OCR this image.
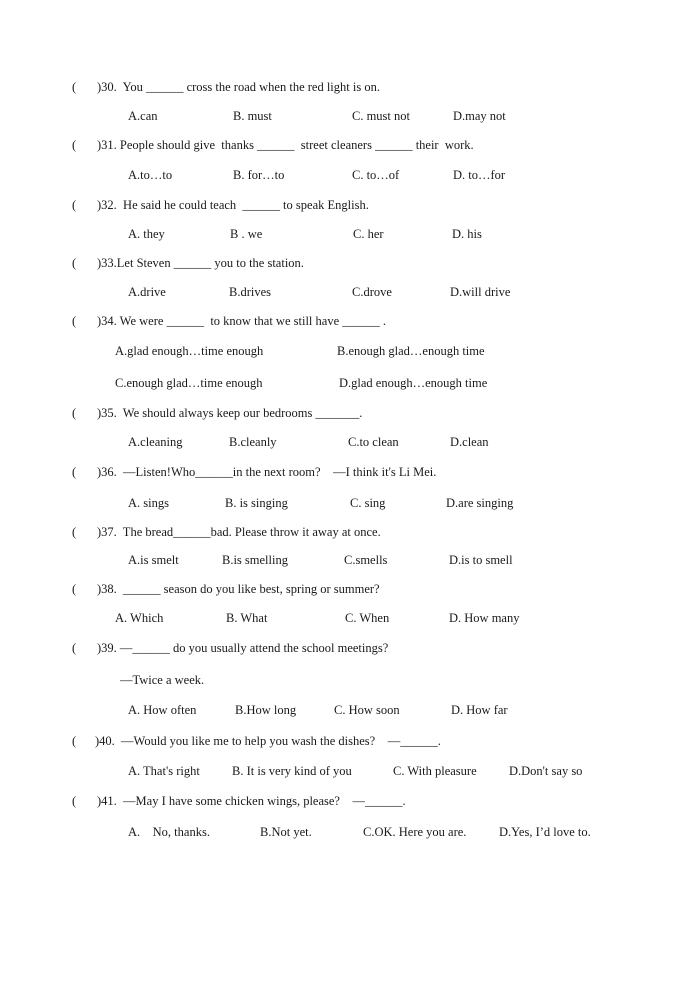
( )30.  You ______ cross the road when the red light is on.
A.can	B. must	C. must not	D.may not
( )31. People should give  thanks ______  street cleaners ______ their  work.
A.to…to	B. for…to	C. to…of	D. to…for
( )32.  He said he could teach  ______ to speak English.
A. they	B . we	C. her	D. his
( )33.Let Steven ______ you to the station.
A.drive	B.drives	C.drove	D.will drive
( )34. We were ______  to know that we still have ______ .
A.glad enough…time enough	B.enough glad…enough time
C.enough glad…time enough	D.glad enough…enough time
( )35.  We should always keep our bedrooms _______.
A.cleaning	B.cleanly	C.to clean	D.clean
( )36.  —Listen!Who______in the next room?    —I think it's Li Mei.
A. sings	B. is singing	C. sing	D.are singing
( )37.  The bread______bad. Please throw it away at once.
A.is smelt	B.is smelling	C.smells	D.is to smell
( )38.  ______ season do you like best, spring or summer?
A. Which	B. What	C. When	D. How many
( )39. —______ do you usually attend the school meetings?
—Twice a week.
A. How often	B.How long	C. How soon	D. How far
( )40.  —Would you like me to help you wash the dishes?    —______.
A. That's right	B. It is very kind of you	C. With pleasure	D.Don't say so
( )41.  —May I have some chicken wings, please?    —______.
A.    No, thanks.	B.Not yet.	C.OK. Here you are.	D.Yes, I’d love to.
